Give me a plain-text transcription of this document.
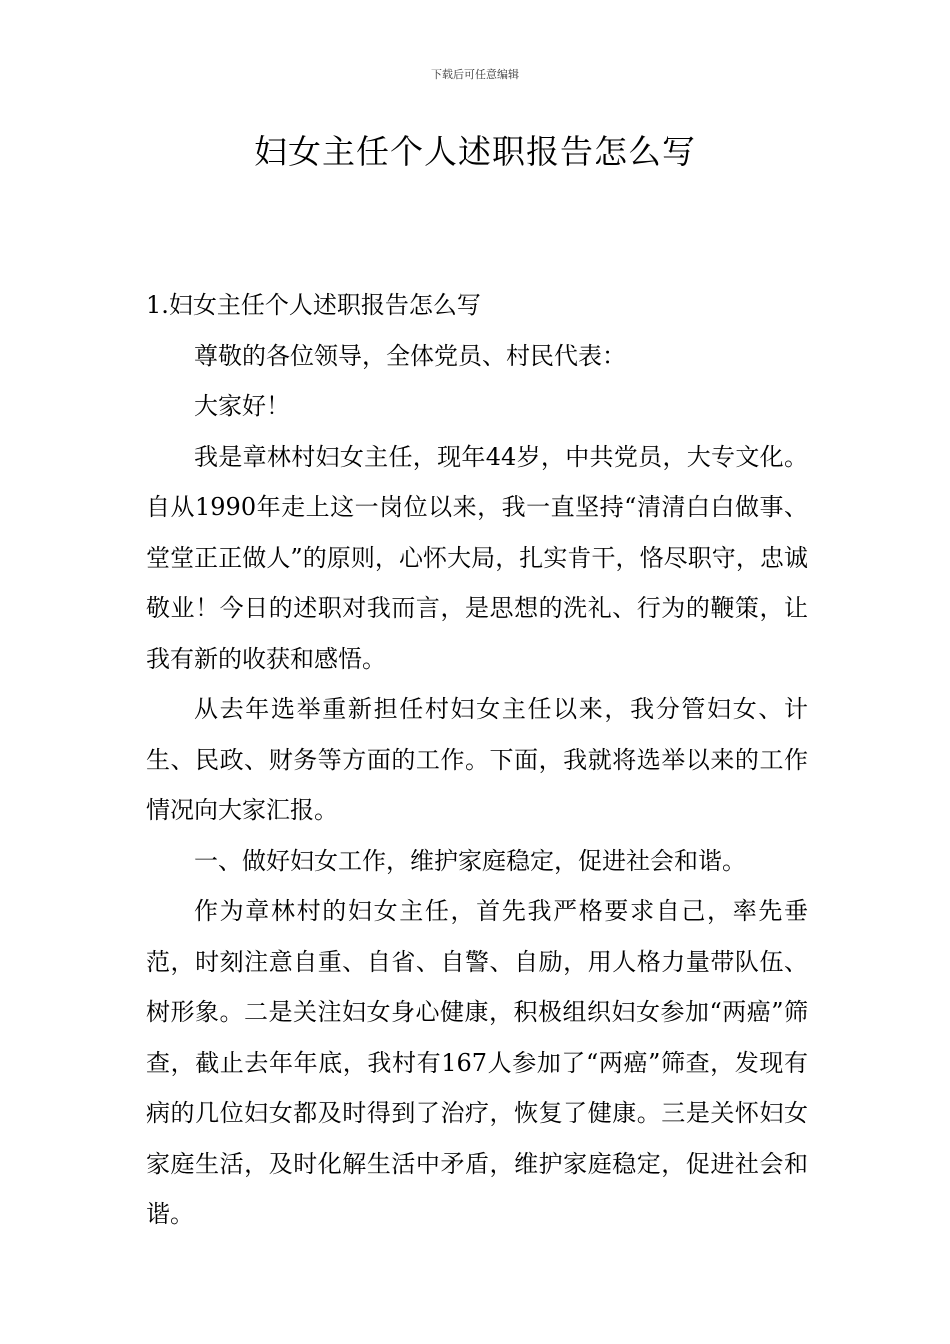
下载后可任意编辑
妇女主任个人述职报告怎么写

1.妇女主任个人述职报告怎么写

尊敬的各位领导，全体党员、村民代表：

大家好！

我是章林村妇女主任，现年44岁，中共党员，大专文化。自从1990年走上这一岗位以来，我一直坚持“清清白白做事、堂堂正正做人”的原则，心怀大局，扎实肯干，恪尽职守，忠诚敬业！今日的述职对我而言，是思想的洗礼、行为的鞭策，让我有新的收获和感悟。

从去年选举重新担任村妇女主任以来，我分管妇女、计生、民政、财务等方面的工作。下面，我就将选举以来的工作情况向大家汇报。

一、做好妇女工作，维护家庭稳定，促进社会和谐。

作为章林村的妇女主任，首先我严格要求自己，率先垂范，时刻注意自重、自省、自警、自励，用人格力量带队伍、树形象。二是关注妇女身心健康，积极组织妇女参加“两癌”筛查，截止去年年底，我村有167人参加了“两癌”筛查，发现有病的几位妇女都及时得到了治疗，恢复了健康。三是关怀妇女家庭生活，及时化解生活中矛盾，维护家庭稳定，促进社会和谐。
